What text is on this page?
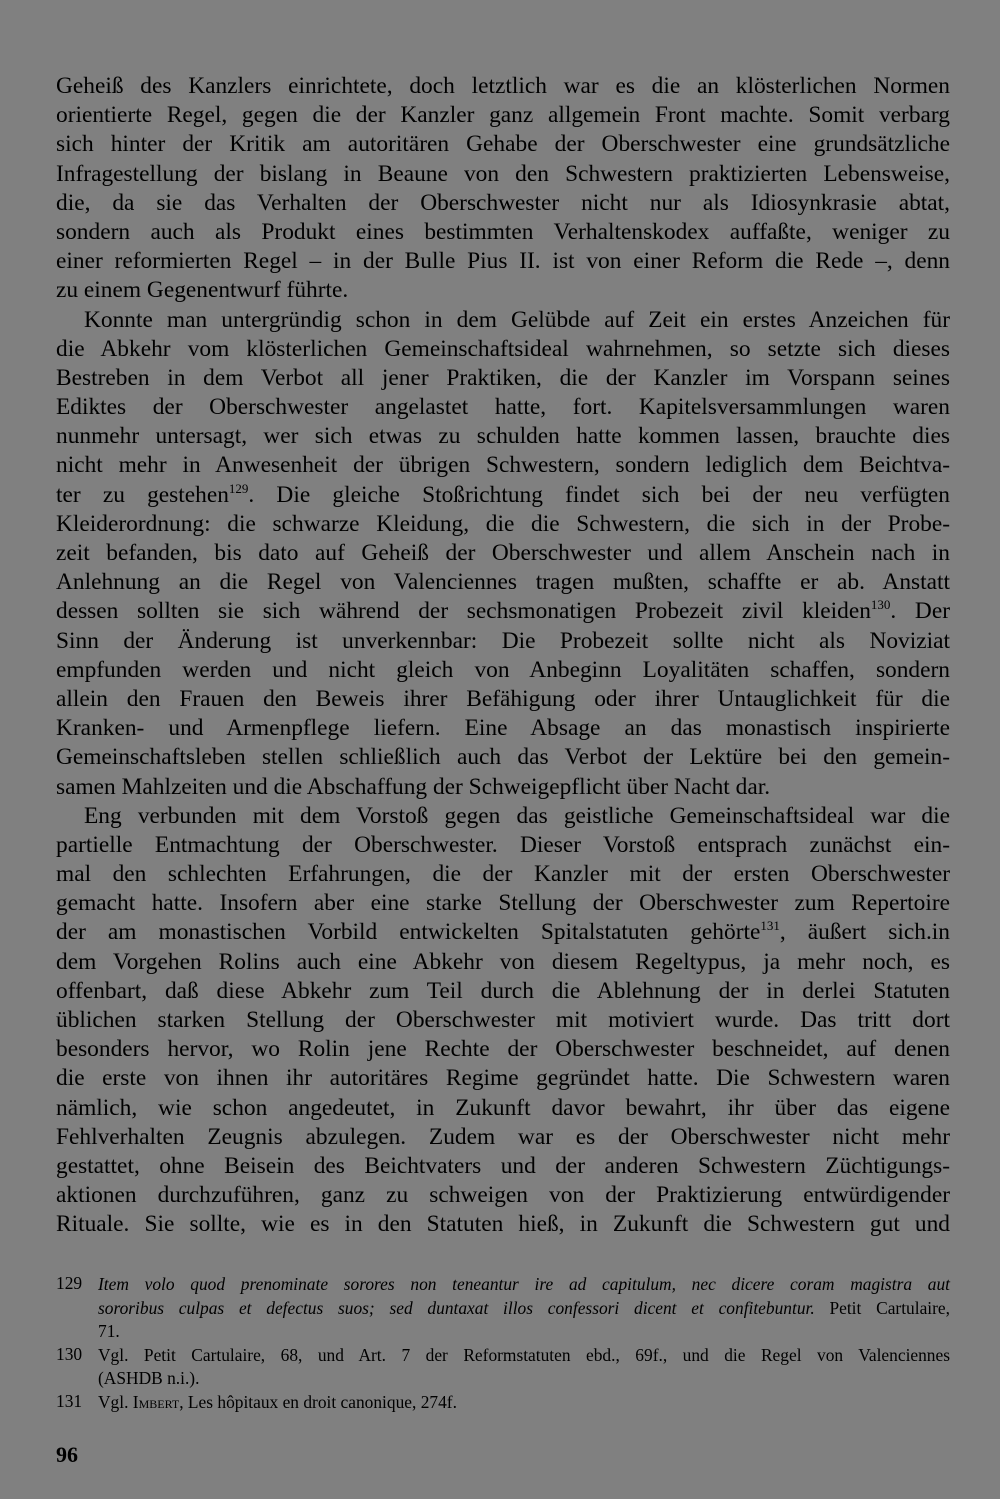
Geheiß des Kanzlers einrichtete, doch letztlich war es die an klösterlichen Normen
orientierte Regel, gegen die der Kanzler ganz allgemein Front machte. Somit verbarg
sich hinter der Kritik am autoritären Gehabe der Oberschwester eine grundsätzliche
Infragestellung der bislang in Beaune von den Schwestern praktizierten Lebensweise,
die, da sie das Verhalten der Oberschwester nicht nur als Idiosynkrasie abtat,
sondern auch als Produkt eines bestimmten Verhaltenskodex auffaßte, weniger zu
einer reformierten Regel – in der Bulle Pius II. ist von einer Reform die Rede –, denn
zu einem Gegenentwurf führte.
Konnte man untergründig schon in dem Gelübde auf Zeit ein erstes Anzeichen für
die Abkehr vom klösterlichen Gemeinschaftsideal wahrnehmen, so setzte sich dieses
Bestreben in dem Verbot all jener Praktiken, die der Kanzler im Vorspann seines
Ediktes der Oberschwester angelastet hatte, fort. Kapitelsversammlungen waren
nunmehr untersagt, wer sich etwas zu schulden hatte kommen lassen, brauchte dies
nicht mehr in Anwesenheit der übrigen Schwestern, sondern lediglich dem Beichtva-
ter zu gestehen$^{129}$. Die gleiche Stoßrichtung findet sich bei der neu verfügten
Kleiderordnung: die schwarze Kleidung, die die Schwestern, die sich in der Probe-
zeit befanden, bis dato auf Geheiß der Oberschwester und allem Anschein nach in
Anlehnung an die Regel von Valenciennes tragen mußten, schaffte er ab. Anstatt
dessen sollten sie sich während der sechsmonatigen Probezeit zivil kleiden$^{130}$. Der
Sinn der Änderung ist unverkennbar: Die Probezeit sollte nicht als Noviziat
empfunden werden und nicht gleich von Anbeginn Loyalitäten schaffen, sondern
allein den Frauen den Beweis ihrer Befähigung oder ihrer Untauglichkeit für die
Kranken- und Armenpflege liefern. Eine Absage an das monastisch inspirierte
Gemeinschaftsleben stellen schließlich auch das Verbot der Lektüre bei den gemein-
samen Mahlzeiten und die Abschaffung der Schweigepflicht über Nacht dar.
Eng verbunden mit dem Vorstoß gegen das geistliche Gemeinschaftsideal war die
partielle Entmachtung der Oberschwester. Dieser Vorstoß entsprach zunächst ein-
mal den schlechten Erfahrungen, die der Kanzler mit der ersten Oberschwester
gemacht hatte. Insofern aber eine starke Stellung der Oberschwester zum Repertoire
der am monastischen Vorbild entwickelten Spitalstatuten gehörte$^{131}$, äußert sich.in
dem Vorgehen Rolins auch eine Abkehr von diesem Regeltypus, ja mehr noch, es
offenbart, daß diese Abkehr zum Teil durch die Ablehnung der in derlei Statuten
üblichen starken Stellung der Oberschwester mit motiviert wurde. Das tritt dort
besonders hervor, wo Rolin jene Rechte der Oberschwester beschneidet, auf denen
die erste von ihnen ihr autoritäres Regime gegründet hatte. Die Schwestern waren
nämlich, wie schon angedeutet, in Zukunft davor bewahrt, ihr über das eigene
Fehlverhalten Zeugnis abzulegen. Zudem war es der Oberschwester nicht mehr
gestattet, ohne Beisein des Beichtvaters und der anderen Schwestern Züchtigungs-
aktionen durchzuführen, ganz zu schweigen von der Praktizierung entwürdigender
Rituale. Sie sollte, wie es in den Statuten hieß, in Zukunft die Schwestern gut und
129 Item volo quod prenominate sorores non teneantur ire ad capitulum, nec dicere coram magistra aut
sororibus culpas et defectus suos; sed duntaxat illos confessori dicent et confitebuntur. Petit Cartulaire,
71.
130 Vgl. Petit Cartulaire, 68, und Art. 7 der Reformstatuten ebd., 69f., und die Regel von Valenciennes
(ASHDB n.i.).
131 Vgl. Imbert, Les hôpitaux en droit canonique, 274f.
96
